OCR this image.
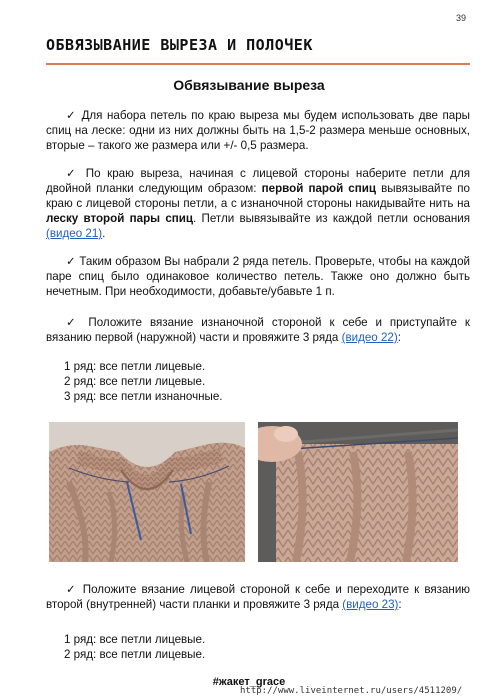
39
ОБВЯЗЫВАНИЕ ВЫРЕЗА И ПОЛОЧЕК
Обвязывание выреза
✓ Для набора петель по краю выреза мы будем использовать две пары спиц на леске: одни из них должны быть на 1,5-2 размера меньше основных, вторые – такого же размера или +/- 0,5 размера.
✓ По краю выреза, начиная с лицевой стороны наберите петли для двойной планки следующим образом: первой парой спиц вывязывайте по краю с лицевой стороны петли, а с изнаночной стороны накидывайте нить на леску второй пары спиц. Петли вывязывайте из каждой петли основания (видео 21).
✓ Таким образом Вы набрали 2 ряда петель. Проверьте, чтобы на каждой паре спиц было одинаковое количество петель. Также оно должно быть нечетным. При необходимости, добавьте/убавьте 1 п.
✓ Положите вязание изнаночной стороной к себе и приступайте к вязанию первой (наружной) части и провяжите 3 ряда (видео 22):
1 ряд: все петли лицевые.
2 ряд: все петли лицевые.
3 ряд: все петли изнаночные.
✓ Положите вязание лицевой стороной к себе и переходите к вязанию второй (внутренней) части планки и провяжите 3 ряда (видео 23):
1 ряд: все петли лицевые.
2 ряд: все петли лицевые.
#жакет_grace
http://www.liveinternet.ru/users/4511209/
